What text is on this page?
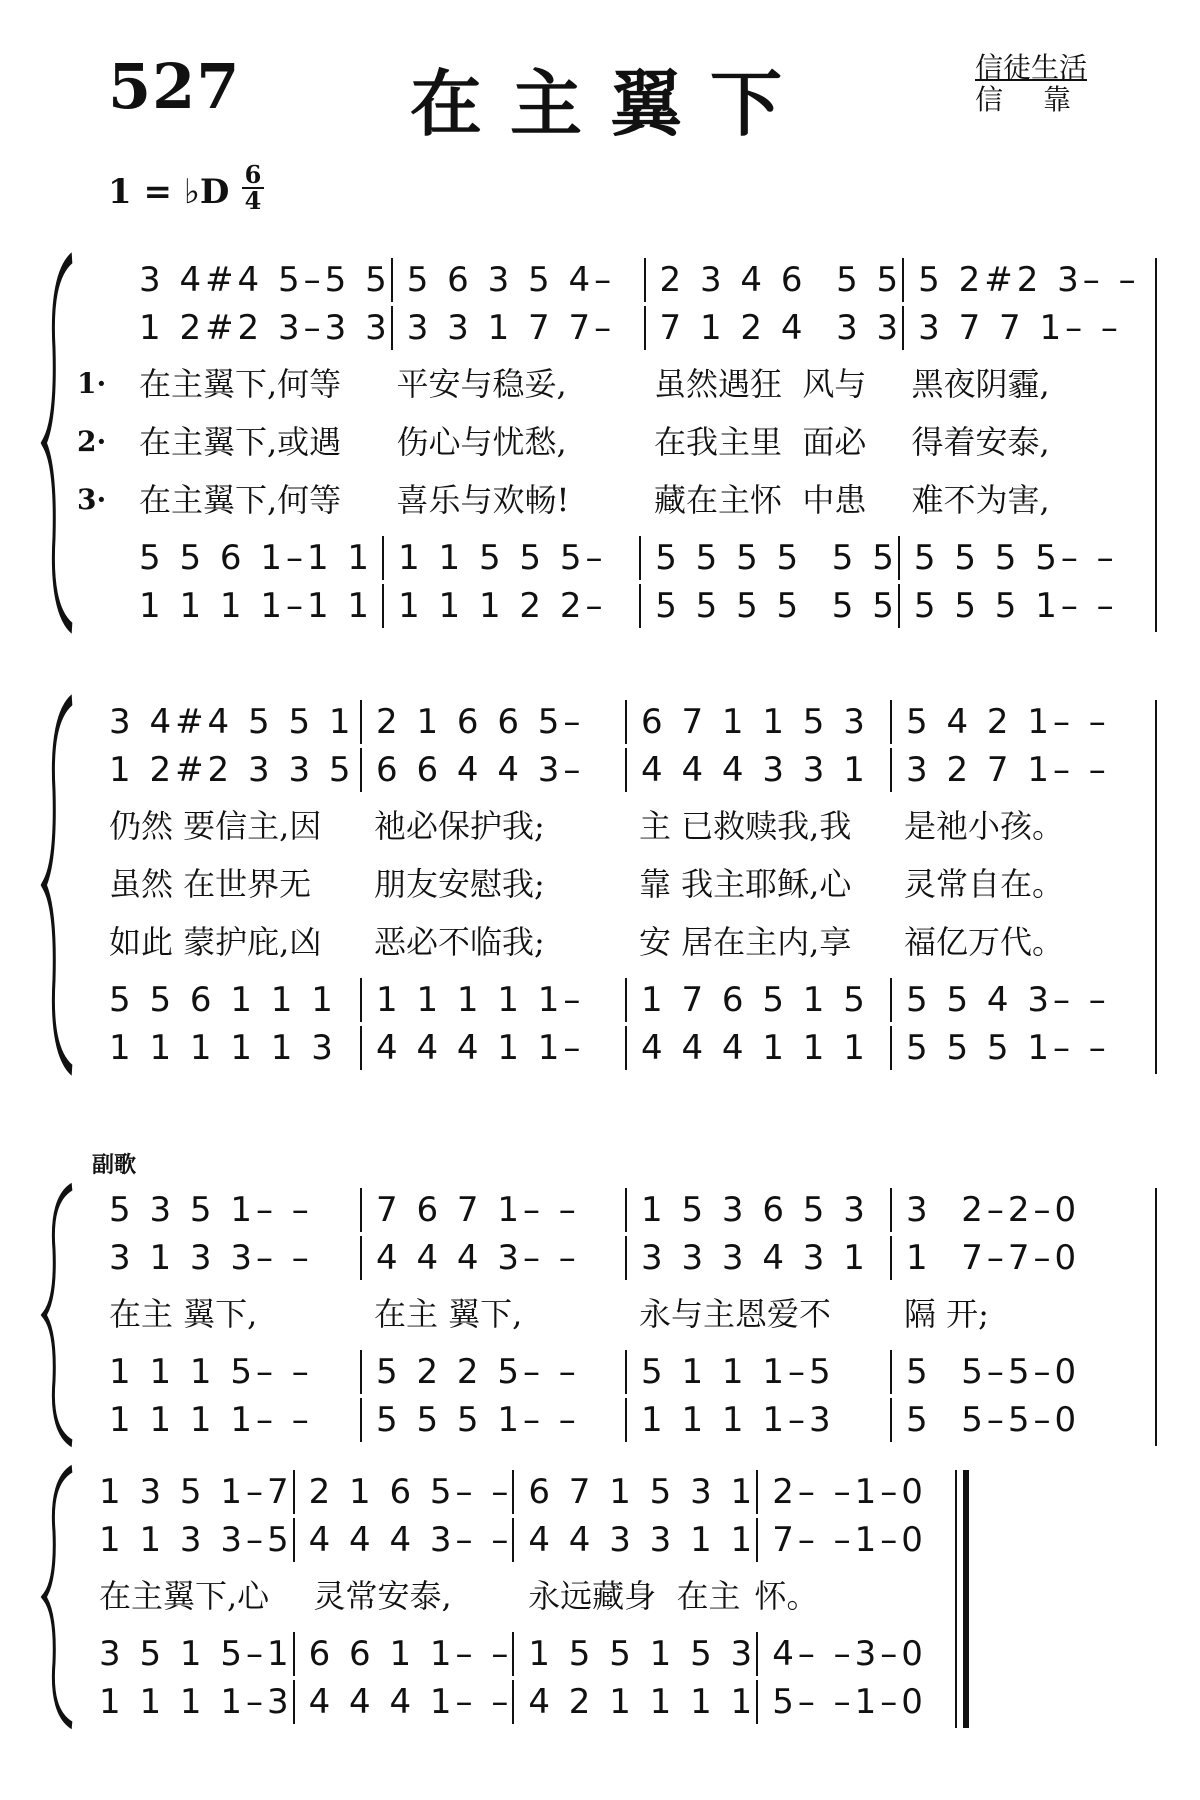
527 在主翼下	信徒生活
信靠
1 = ♭D 6
4
副歌
3 4#4 5–5 5 5 6 3 5 4–	2 3 4 6  5 5 5 2#2 3– –
1 2#2 3–3 3 3 3 1 7 7–	7 1 2 4  3 3 3 7 7 1– –
1·	在主翼下,何等	平安与稳妥,	虽然遇狂  风与	黑夜阴霾,
2·	在主翼下,或遇	伤心与忧愁,	在我主里  面必	得着安泰,
3·	在主翼下,何等	喜乐与欢畅!	藏在主怀  中患	难不为害,
5 5 6 1–1 1 1 1 5 5 5–	5 5 5 5  5 5 5 5 5 5– –
1 1 1 1–1 1 1 1 1 2 2–	5 5 5 5  5 5 5 5 5 1– –
3 4#4 5 5 1 2 1 6 6 5–	6 7 1 1 5 3	5 4 2 1– –
1 2#2 3 3 5 6 6 4 4 3–	4 4 4 3 3 1	3 2 7 1– –
仍然 要信主,因	祂必保护我;	主 已救赎我,我	是祂小孩。
虽然 在世界无	朋友安慰我;	靠 我主耶稣,心	灵常自在。
如此 蒙护庇,凶	恶必不临我;	安 居在主内,享	福亿万代。
5 5 6 1 1 1	1 1 1 1 1–	1 7 6 5 1 5	5 5 4 3– –
1 1 1 1 1 3	4 4 4 1 1–	4 4 4 1 1 1	5 5 5 1– –
5 3 5 1– –	7 6 7 1– –	1 5 3 6 5 3	3  2–2–0
3 1 3 3– –	4 4 4 3– –	3 3 3 4 3 1	1  7–7–0
在主 翼下,	在主 翼下,	永与主恩爱不	隔 开;
1 1 1 5– –	5 2 2 5– –	5 1 1 1–5	5  5–5–0
1 1 1 1– –	5 5 5 1– –	1 1 1 1–3	5  5–5–0
1 3 5 1–7 2 1 6 5– – 6 7 1 5 3 1 2– –1–0
1 1 3 3–5 4 4 4 3– – 4 4 3 3 1 1 7– –1–0
在主翼下,心	灵常安泰,	永远藏身  在主 怀。
3 5 1 5–1 6 6 1 1– – 1 5 5 1 5 3 4– –3–0
1 1 1 1–3 4 4 4 1– – 4 2 1 1 1 1 5– –1–0
